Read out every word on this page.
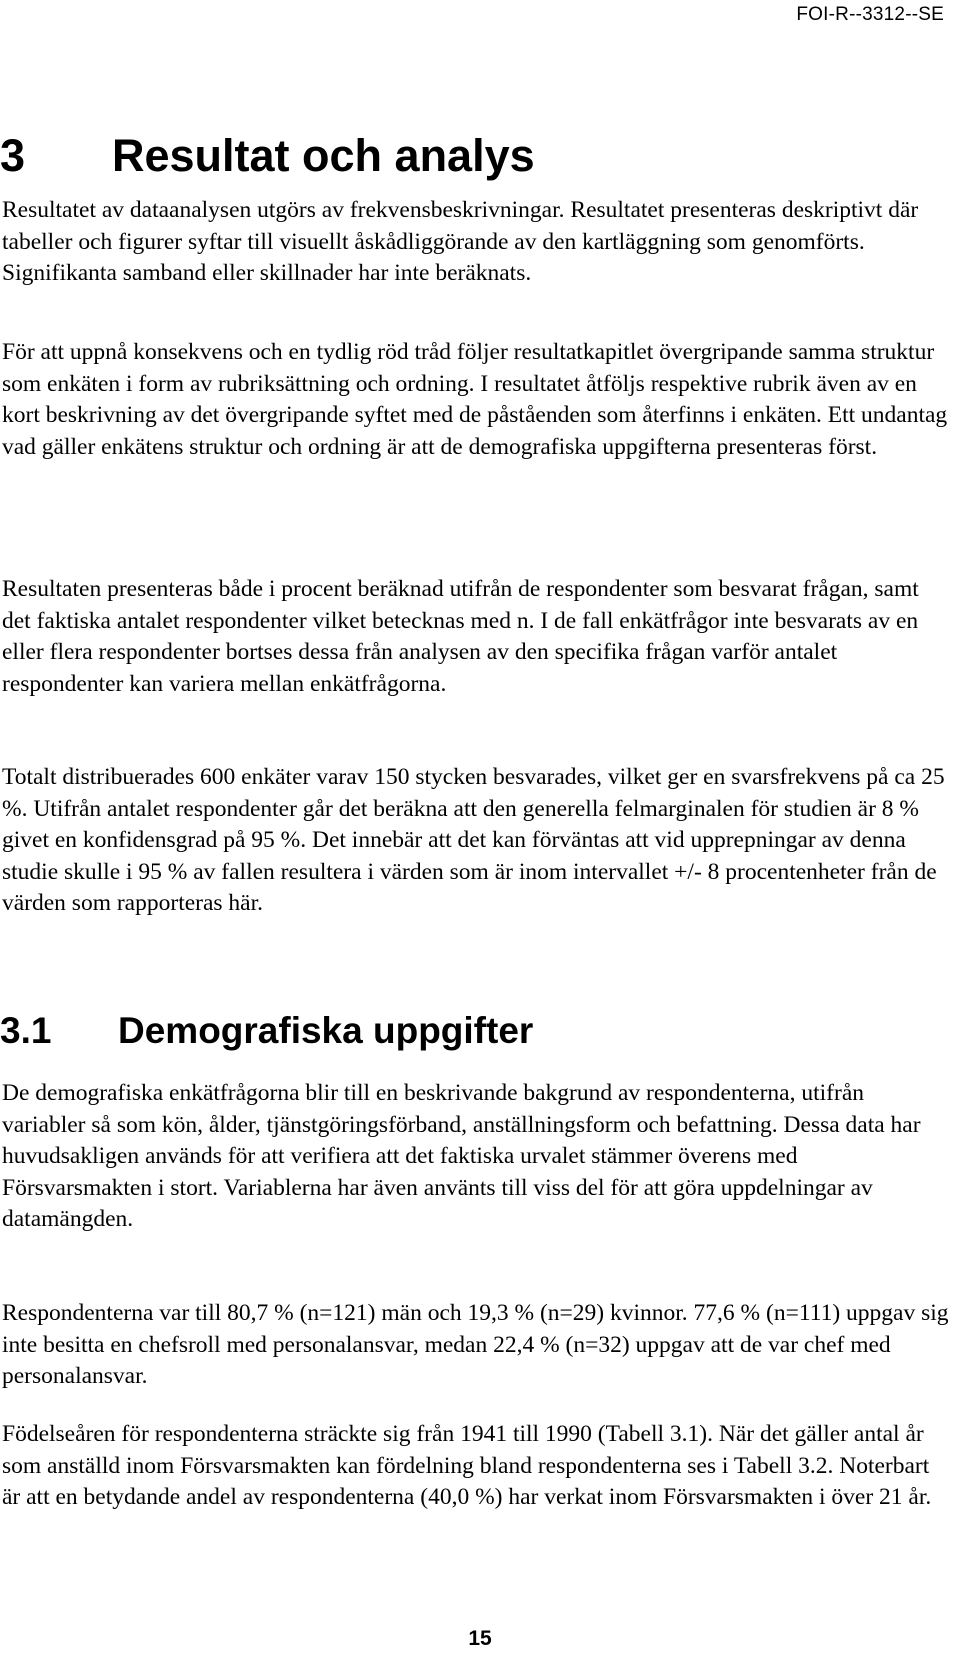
FOI-R--3312--SE
3 Resultat och analys

Resultatet av dataanalysen utgörs av frekvensbeskrivningar. Resultatet presenteras deskriptivt där tabeller och figurer syftar till visuellt åskådliggörande av den kartläggning som genomförts. Signifikanta samband eller skillnader har inte beräknats.

För att uppnå konsekvens och en tydlig röd tråd följer resultatkapitlet övergripande samma struktur som enkäten i form av rubriksättning och ordning. I resultatet åtföljs respektive rubrik även av en kort beskrivning av det övergripande syftet med de påståenden som återfinns i enkäten. Ett undantag vad gäller enkätens struktur och ordning är att de demografiska uppgifterna presenteras först.

Resultaten presenteras både i procent beräknad utifrån de respondenter som besvarat frågan, samt det faktiska antalet respondenter vilket betecknas med n. I de fall enkätfrågor inte besvarats av en eller flera respondenter bortses dessa från analysen av den specifika frågan varför antalet respondenter kan variera mellan enkätfrågorna.

Totalt distribuerades 600 enkäter varav 150 stycken besvarades, vilket ger en svarsfrekvens på ca 25 %. Utifrån antalet respondenter går det beräkna att den generella felmarginalen för studien är 8 % givet en konfidensgrad på 95 %. Det innebär att det kan förväntas att vid upprepningar av denna studie skulle i 95 % av fallen resultera i värden som är inom intervallet +/- 8 procentenheter från de värden som rapporteras här.

3.1 Demografiska uppgifter

De demografiska enkätfrågorna blir till en beskrivande bakgrund av respondenterna, utifrån variabler så som kön, ålder, tjänstgöringsförband, anställningsform och befattning. Dessa data har huvudsakligen används för att verifiera att det faktiska urvalet stämmer överens med Försvarsmakten i stort. Variablerna har även använts till viss del för att göra uppdelningar av datamängden.

Respondenterna var till 80,7 % (n=121) män och 19,3 % (n=29) kvinnor. 77,6 % (n=111) uppgav sig inte besitta en chefsroll med personalansvar, medan 22,4 % (n=32) uppgav att de var chef med personalansvar.

Födelseåren för respondenterna sträckte sig från 1941 till 1990 (Tabell 3.1). När det gäller antal år som anställd inom Försvarsmakten kan fördelning bland respondenterna ses i Tabell 3.2. Noterbart är att en betydande andel av respondenterna (40,0 %) har verkat inom Försvarsmakten i över 21 år.

15
